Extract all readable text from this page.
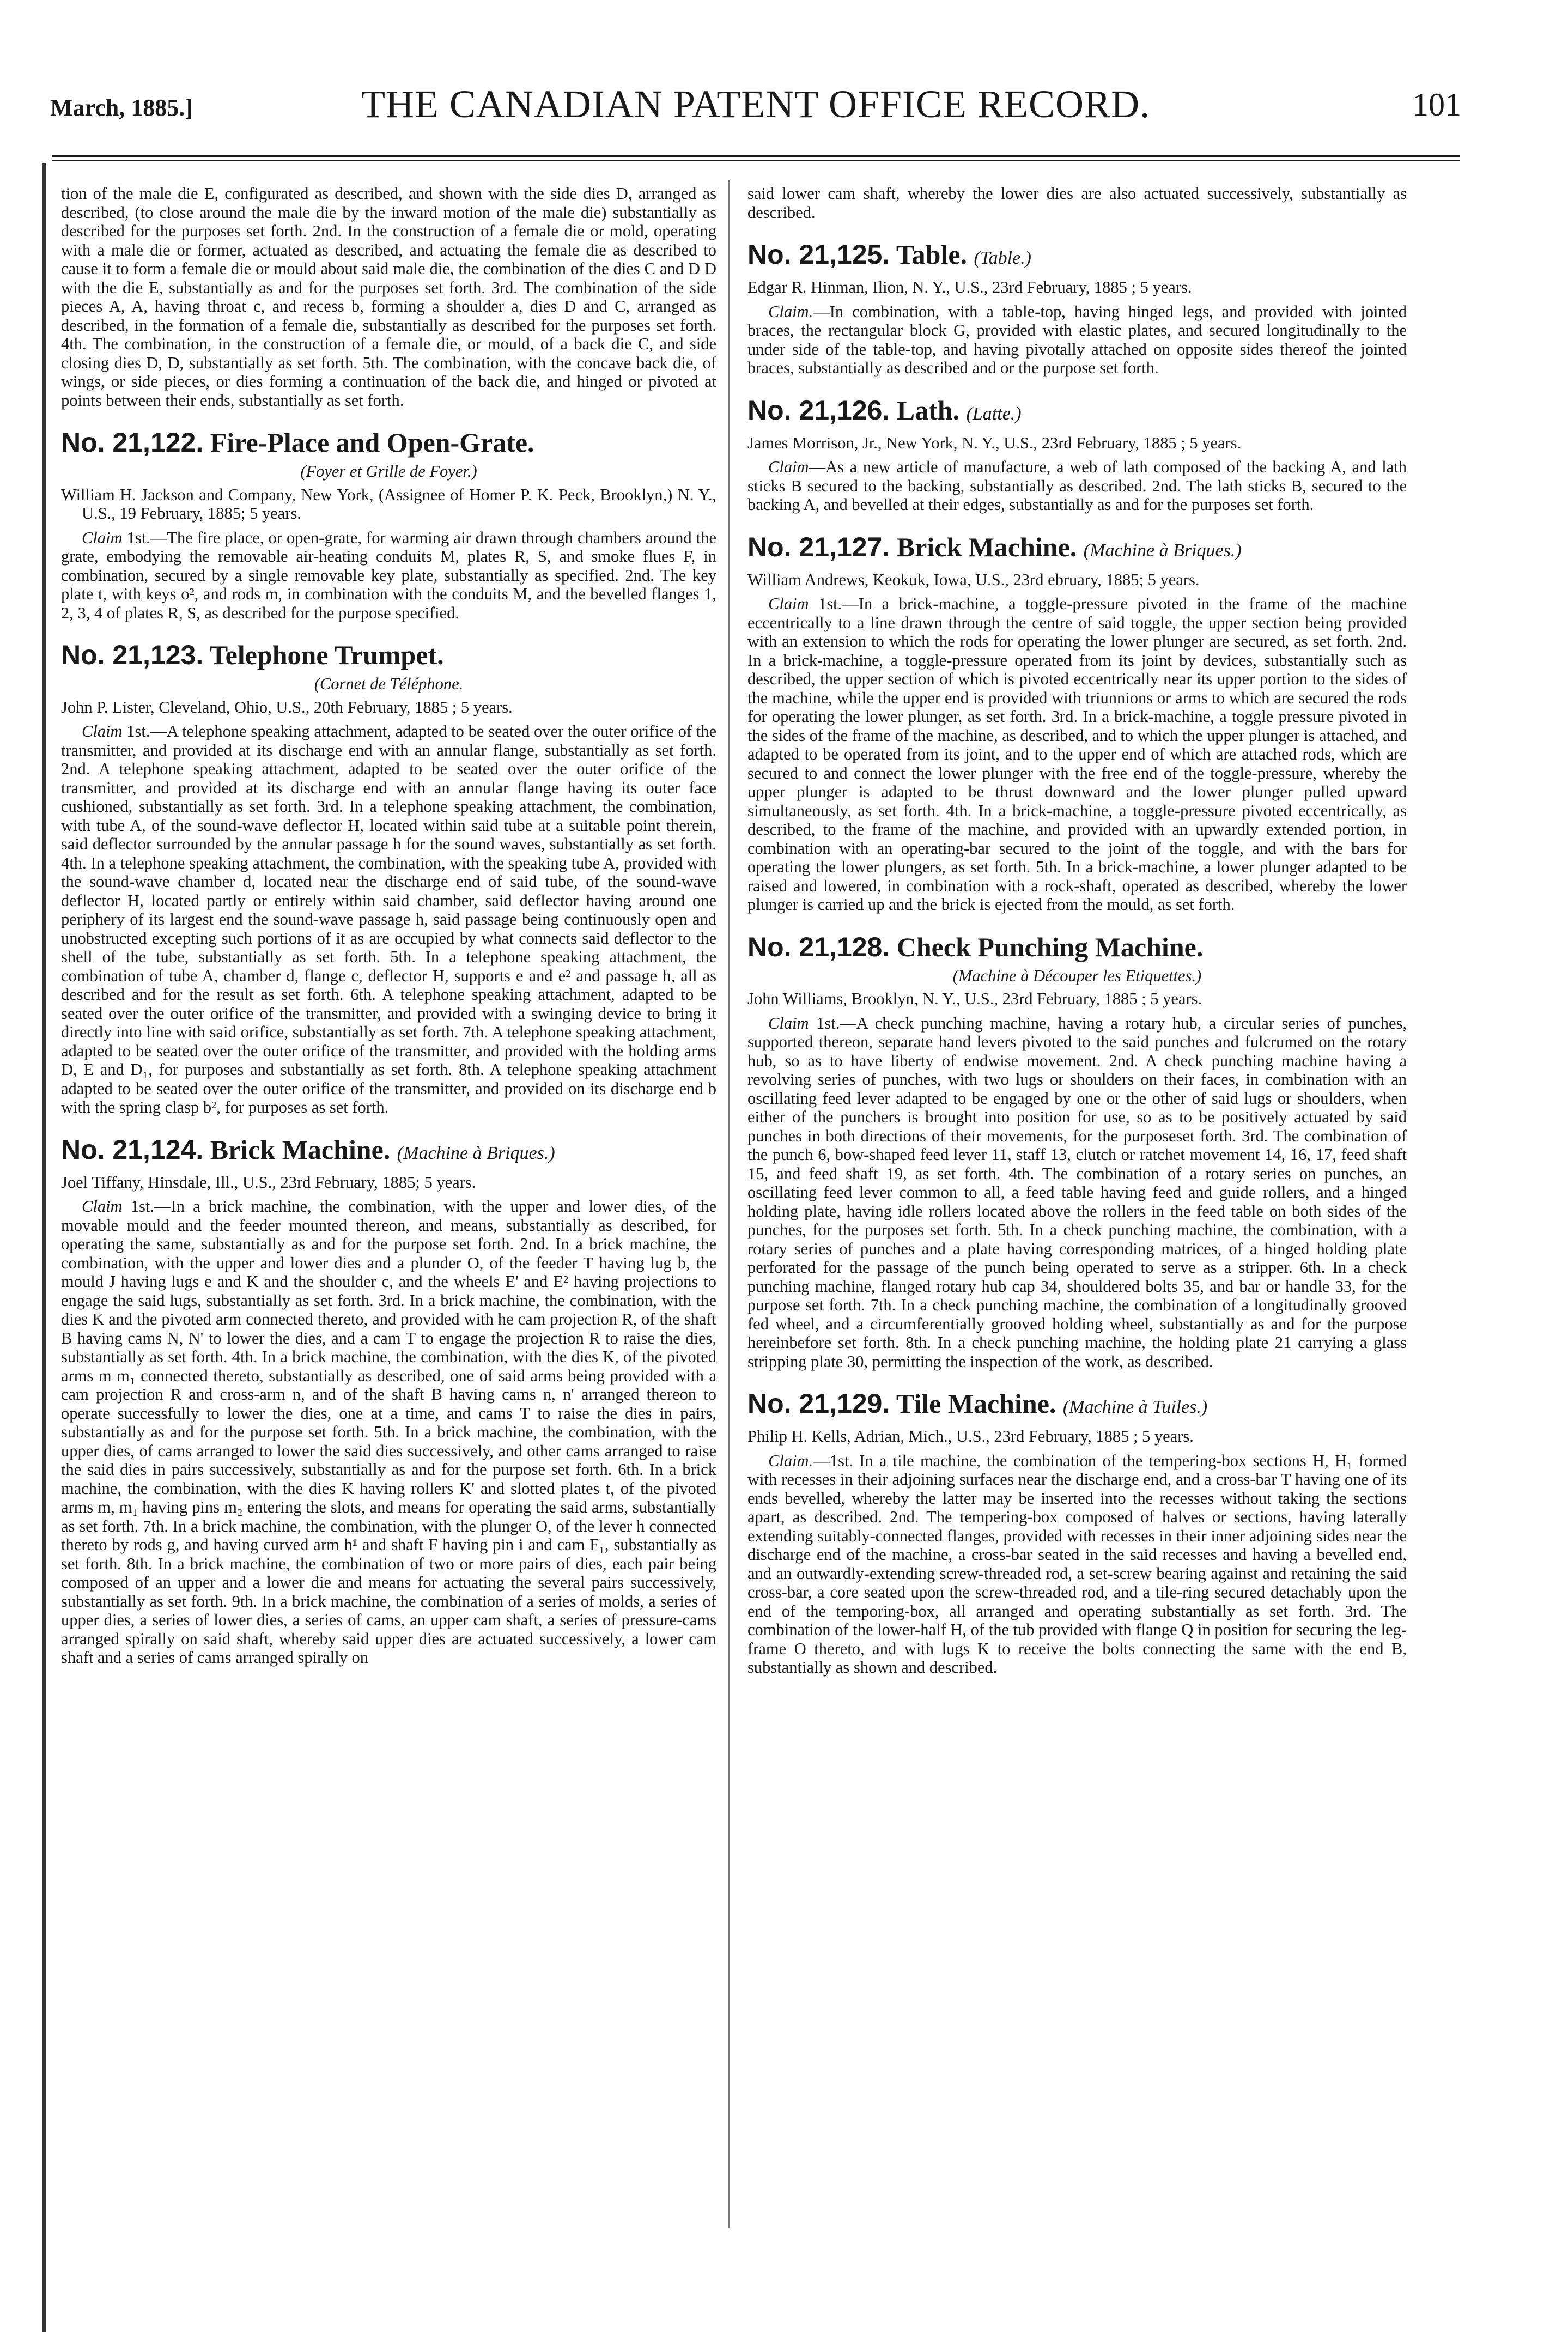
March, 1885.]	THE CANADIAN PATENT OFFICE RECORD.	101

tion of the male die E, configurated as described, and shown with the side dies D, arranged as described, (to close around the male die by the inward motion of the male die) substantially as described for the purposes set forth. 2nd. In the construction of a female die or mold, operating with a male die or former, actuated as described, and actuating the female die as described to cause it to form a female die or mould about said male die, the combination of the dies C and D D with the die E, substantially as and for the purposes set forth. 3rd. The combination of the side pieces A, A, having throat c, and recess b, forming a shoulder a, dies D and C, arranged as described, in the formation of a female die, substantially as described for the purposes set forth. 4th. The combination, in the construction of a female die, or mould, of a back die C, and side closing dies D, D, substantially as set forth. 5th. The combination, with the concave back die, of wings, or side pieces, or dies forming a continuation of the back die, and hinged or pivoted at points between their ends, substantially as set forth.

No. 21,122. Fire-Place and Open-Grate.
(Foyer et Grille de Foyer.)

William H. Jackson and Company, New York, (Assignee of Homer P. K. Peck, Brooklyn,) N. Y., U.S., 19 February, 1885; 5 years.

Claim 1st.—The fire place, or open-grate, for warming air drawn through chambers around the grate, embodying the removable air-heating conduits M, plates R, S, and smoke flues F, in combination, secured by a single removable key plate, substantially as specified. 2nd. The key plate t, with keys o², and rods m, in combination with the conduits M, and the bevelled flanges 1, 2, 3, 4 of plates R, S, as described for the purpose specified.

No. 21,123. Telephone Trumpet.
(Cornet de Téléphone.

John P. Lister, Cleveland, Ohio, U.S., 20th February, 1885 ; 5 years.

Claim 1st.—A telephone speaking attachment, adapted to be seated over the outer orifice of the transmitter, and provided at its discharge end with an annular flange, substantially as set forth. 2nd. A telephone speaking attachment, adapted to be seated over the outer orifice of the transmitter, and provided at its discharge end with an annular flange having its outer face cushioned, substantially as set forth. 3rd. In a telephone speaking attachment, the combination, with tube A, of the sound-wave deflector H, located within said tube at a suitable point therein, said deflector surrounded by the annular passage h for the sound waves, substantially as set forth. 4th. In a telephone speaking attachment, the combination, with the speaking tube A, provided with the sound-wave chamber d, located near the discharge end of said tube, of the sound-wave deflector H, located partly or entirely within said chamber, said deflector having around one periphery of its largest end the sound-wave passage h, said passage being continuously open and unobstructed excepting such portions of it as are occupied by what connects said deflector to the shell of the tube, substantially as set forth. 5th. In a telephone speaking attachment, the combination of tube A, chamber d, flange c, deflector H, supports e and e² and passage h, all as described and for the result as set forth. 6th. A telephone speaking attachment, adapted to be seated over the outer orifice of the transmitter, and provided with a swinging device to bring it directly into line with said orifice, substantially as set forth. 7th. A telephone speaking attachment, adapted to be seated over the outer orifice of the transmitter, and provided with the holding arms D, E and D₁, for purposes and substantially as set forth. 8th. A telephone speaking attachment adapted to be seated over the outer orifice of the transmitter, and provided on its discharge end b with the spring clasp b², for purposes as set forth.

No. 21,124. Brick Machine. (Machine à Briques.)

Joel Tiffany, Hinsdale, Ill., U.S., 23rd February, 1885; 5 years.

Claim 1st.—In a brick machine, the combination, with the upper and lower dies, of the movable mould and the feeder mounted thereon, and means, substantially as described, for operating the same, substantially as and for the purpose set forth. 2nd. In a brick machine, the combination, with the upper and lower dies and a plunder O, of the feeder T having lug b, the mould J having lugs e and K and the shoulder c, and the wheels E' and E² having projections to engage the said lugs, substantially as set forth. 3rd. In a brick machine, the combination, with the dies K and the pivoted arm connected thereto, and provided with he cam projection R, of the shaft B having cams N, N' to lower the dies, and a cam T to engage the projection R to raise the dies, substantially as set forth. 4th. In a brick machine, the combination, with the dies K, of the pivoted arms m m₁ connected thereto, substantially as described, one of said arms being provided with a cam projection R and cross-arm n, and of the shaft B having cams n, n' arranged thereon to operate successfully to lower the dies, one at a time, and cams T to raise the dies in pairs, substantially as and for the purpose set forth. 5th. In a brick machine, the combination, with the upper dies, of cams arranged to lower the said dies successively, and other cams arranged to raise the said dies in pairs successively, substantially as and for the purpose set forth. 6th. In a brick machine, the combination, with the dies K having rollers K' and slotted plates t, of the pivoted arms m, m₁ having pins m₂ entering the slots, and means for operating the said arms, substantially as set forth. 7th. In a brick machine, the combination, with the plunger O, of the lever h connected thereto by rods g, and having curved arm h¹ and shaft F having pin i and cam F₁, substantially as set forth. 8th. In a brick machine, the combination of two or more pairs of dies, each pair being composed of an upper and a lower die and means for actuating the several pairs successively, substantially as set forth. 9th. In a brick machine, the combination of a series of molds, a series of upper dies, a series of lower dies, a series of cams, an upper cam shaft, a series of pressure-cams arranged spirally on said shaft, whereby said upper dies are actuated successively, a lower cam shaft and a series of cams arranged spirally on

said lower cam shaft, whereby the lower dies are also actuated successively, substantially as described.

No. 21,125. Table. (Table.)

Edgar R. Hinman, Ilion, N. Y., U.S., 23rd February, 1885 ; 5 years.

Claim.—In combination, with a table-top, having hinged legs, and provided with jointed braces, the rectangular block G, provided with elastic plates, and secured longitudinally to the under side of the table-top, and having pivotally attached on opposite sides thereof the jointed braces, substantially as described and or the purpose set forth.

No. 21,126. Lath. (Latte.)

James Morrison, Jr., New York, N. Y., U.S., 23rd February, 1885 ; 5 years.

Claim—As a new article of manufacture, a web of lath composed of the backing A, and lath sticks B secured to the backing, substantially as described. 2nd. The lath sticks B, secured to the backing A, and bevelled at their edges, substantially as and for the purposes set forth.

No. 21,127. Brick Machine. (Machine à Briques.)

William Andrews, Keokuk, Iowa, U.S., 23rd ebruary, 1885; 5 years.

Claim 1st.—In a brick-machine, a toggle-pressure pivoted in the frame of the machine eccentrically to a line drawn through the centre of said toggle, the upper section being provided with an extension to which the rods for operating the lower plunger are secured, as set forth. 2nd. In a brick-machine, a toggle-pressure operated from its joint by devices, substantially such as described, the upper section of which is pivoted eccentrically near its upper portion to the sides of the machine, while the upper end is provided with triunnions or arms to which are secured the rods for operating the lower plunger, as set forth. 3rd. In a brick-machine, a toggle pressure pivoted in the sides of the frame of the machine, as described, and to which the upper plunger is attached, and adapted to be operated from its joint, and to the upper end of which are attached rods, which are secured to and connect the lower plunger with the free end of the toggle-pressure, whereby the upper plunger is adapted to be thrust downward and the lower plunger pulled upward simultaneously, as set forth. 4th. In a brick-machine, a toggle-pressure pivoted eccentrically, as described, to the frame of the machine, and provided with an upwardly extended portion, in combination with an operating-bar secured to the joint of the toggle, and with the bars for operating the lower plungers, as set forth. 5th. In a brick-machine, a lower plunger adapted to be raised and lowered, in combination with a rock-shaft, operated as described, whereby the lower plunger is carried up and the brick is ejected from the mould, as set forth.

No. 21,128. Check Punching Machine.
(Machine à Découper les Etiquettes.)

John Williams, Brooklyn, N. Y., U.S., 23rd February, 1885 ; 5 years.

Claim 1st.—A check punching machine, having a rotary hub, a circular series of punches, supported thereon, separate hand levers pivoted to the said punches and fulcrumed on the rotary hub, so as to have liberty of endwise movement. 2nd. A check punching machine having a revolving series of punches, with two lugs or shoulders on their faces, in combination with an oscillating feed lever adapted to be engaged by one or the other of said lugs or shoulders, when either of the punchers is brought into position for use, so as to be positively actuated by said punches in both directions of their movements, for the purposeset forth. 3rd. The combination of the punch 6, bow-shaped feed lever 11, staff 13, clutch or ratchet movement 14, 16, 17, feed shaft 15, and feed shaft 19, as set forth. 4th. The combination of a rotary series on punches, an oscillating feed lever common to all, a feed table having feed and guide rollers, and a hinged holding plate, having idle rollers located above the rollers in the feed table on both sides of the punches, for the purposes set forth. 5th. In a check punching machine, the combination, with a rotary series of punches and a plate having corresponding matrices, of a hinged holding plate perforated for the passage of the punch being operated to serve as a stripper. 6th. In a check punching machine, flanged rotary hub cap 34, shouldered bolts 35, and bar or handle 33, for the purpose set forth. 7th. In a check punching machine, the combination of a longitudinally grooved fed wheel, and a circumferentially grooved holding wheel, substantially as and for the purpose hereinbefore set forth. 8th. In a check punching machine, the holding plate 21 carrying a glass stripping plate 30, permitting the inspection of the work, as described.

No. 21,129. Tile Machine. (Machine à Tuiles.)

Philip H. Kells, Adrian, Mich., U.S., 23rd February, 1885 ; 5 years.

Claim.—1st. In a tile machine, the combination of the tempering-box sections H, H₁ formed with recesses in their adjoining surfaces near the discharge end, and a cross-bar T having one of its ends bevelled, whereby the latter may be inserted into the recesses without taking the sections apart, as described. 2nd. The tempering-box composed of halves or sections, having laterally extending suitably-connected flanges, provided with recesses in their inner adjoining sides near the discharge end of the machine, a cross-bar seated in the said recesses and having a bevelled end, and an outwardly-extending screw-threaded rod, a set-screw bearing against and retaining the said cross-bar, a core seated upon the screw-threaded rod, and a tile-ring secured detachably upon the end of the temporing-box, all arranged and operating substantially as set forth. 3rd. The combination of the lower-half H, of the tub provided with flange Q in position for securing the leg-frame O thereto, and with lugs K to receive the bolts connecting the same with the end B, substantially as shown and described.
